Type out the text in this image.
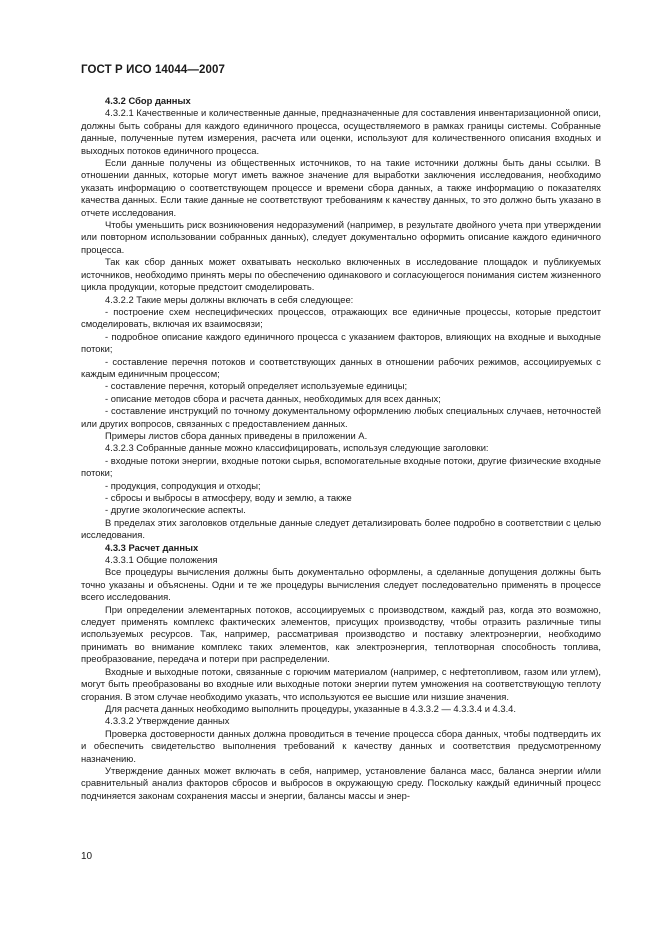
ГОСТ Р ИСО 14044—2007

4.3.2 Сбор данных

4.3.2.1 Качественные и количественные данные, предназначенные для составления инвентаризационной описи, должны быть собраны для каждого единичного процесса, осуществляемого в рамках границы системы. Собранные данные, полученные путем измерения, расчета или оценки, используют для количественного описания входных и выходных потоков единичного процесса.

Если данные получены из общественных источников, то на такие источники должны быть даны ссылки. В отношении данных, которые могут иметь важное значение для выработки заключения исследования, необходимо указать информацию о соответствующем процессе и времени сбора данных, а также информацию о показателях качества данных. Если такие данные не соответствуют требованиям к качеству данных, то это должно быть указано в отчете исследования.

Чтобы уменьшить риск возникновения недоразумений (например, в результате двойного учета при утверждении или повторном использовании собранных данных), следует документально оформить описание каждого единичного процесса.

Так как сбор данных может охватывать несколько включенных в исследование площадок и публикуемых источников, необходимо принять меры по обеспечению одинакового и согласующегося понимания систем жизненного цикла продукции, которые предстоит смоделировать.

4.3.2.2 Такие меры должны включать в себя следующее:

- построение схем неспецифических процессов, отражающих все единичные процессы, которые предстоит смоделировать, включая их взаимосвязи;

- подробное описание каждого единичного процесса с указанием факторов, влияющих на входные и выходные потоки;

- составление перечня потоков и соответствующих данных в отношении рабочих режимов, ассоциируемых с каждым единичным процессом;

- составление перечня, который определяет используемые единицы;

- описание методов сбора и расчета данных, необходимых для всех данных;

- составление инструкций по точному документальному оформлению любых специальных случаев, неточностей или других вопросов, связанных с предоставлением данных.

Примеры листов сбора данных приведены в приложении А.

4.3.2.3 Собранные данные можно классифицировать, используя следующие заголовки:

- входные потоки энергии, входные потоки сырья, вспомогательные входные потоки, другие физические входные потоки;

- продукция, сопродукция и отходы;

- сбросы и выбросы в атмосферу, воду и землю, а также

- другие экологические аспекты.

В пределах этих заголовков отдельные данные следует детализировать более подробно в соответствии с целью исследования.

4.3.3 Расчет данных

4.3.3.1 Общие положения

Все процедуры вычисления должны быть документально оформлены, а сделанные допущения должны быть точно указаны и объяснены. Одни и те же процедуры вычисления следует последовательно применять в процессе всего исследования.

При определении элементарных потоков, ассоциируемых с производством, каждый раз, когда это возможно, следует применять комплекс фактических элементов, присущих производству, чтобы отразить различные типы используемых ресурсов. Так, например, рассматривая производство и поставку электроэнергии, необходимо принимать во внимание комплекс таких элементов, как электроэнергия, теплотворная способность топлива, преобразование, передача и потери при распределении.

Входные и выходные потоки, связанные с горючим материалом (например, с нефтетопливом, газом или углем), могут быть преобразованы во входные или выходные потоки энергии путем умножения на соответствующую теплоту сгорания. В этом случае необходимо указать, что используются ее высшие или низшие значения.

Для расчета данных необходимо выполнить процедуры, указанные в 4.3.3.2 — 4.3.3.4 и 4.3.4.

4.3.3.2 Утверждение данных

Проверка достоверности данных должна проводиться в течение процесса сбора данных, чтобы подтвердить их и обеспечить свидетельство выполнения требований к качеству данных и соответствия предусмотренному назначению.

Утверждение данных может включать в себя, например, установление баланса масс, баланса энергии и/или сравнительный анализ факторов сбросов и выбросов в окружающую среду. Поскольку каждый единичный процесс подчиняется законам сохранения массы и энергии, балансы массы и энер-

10
